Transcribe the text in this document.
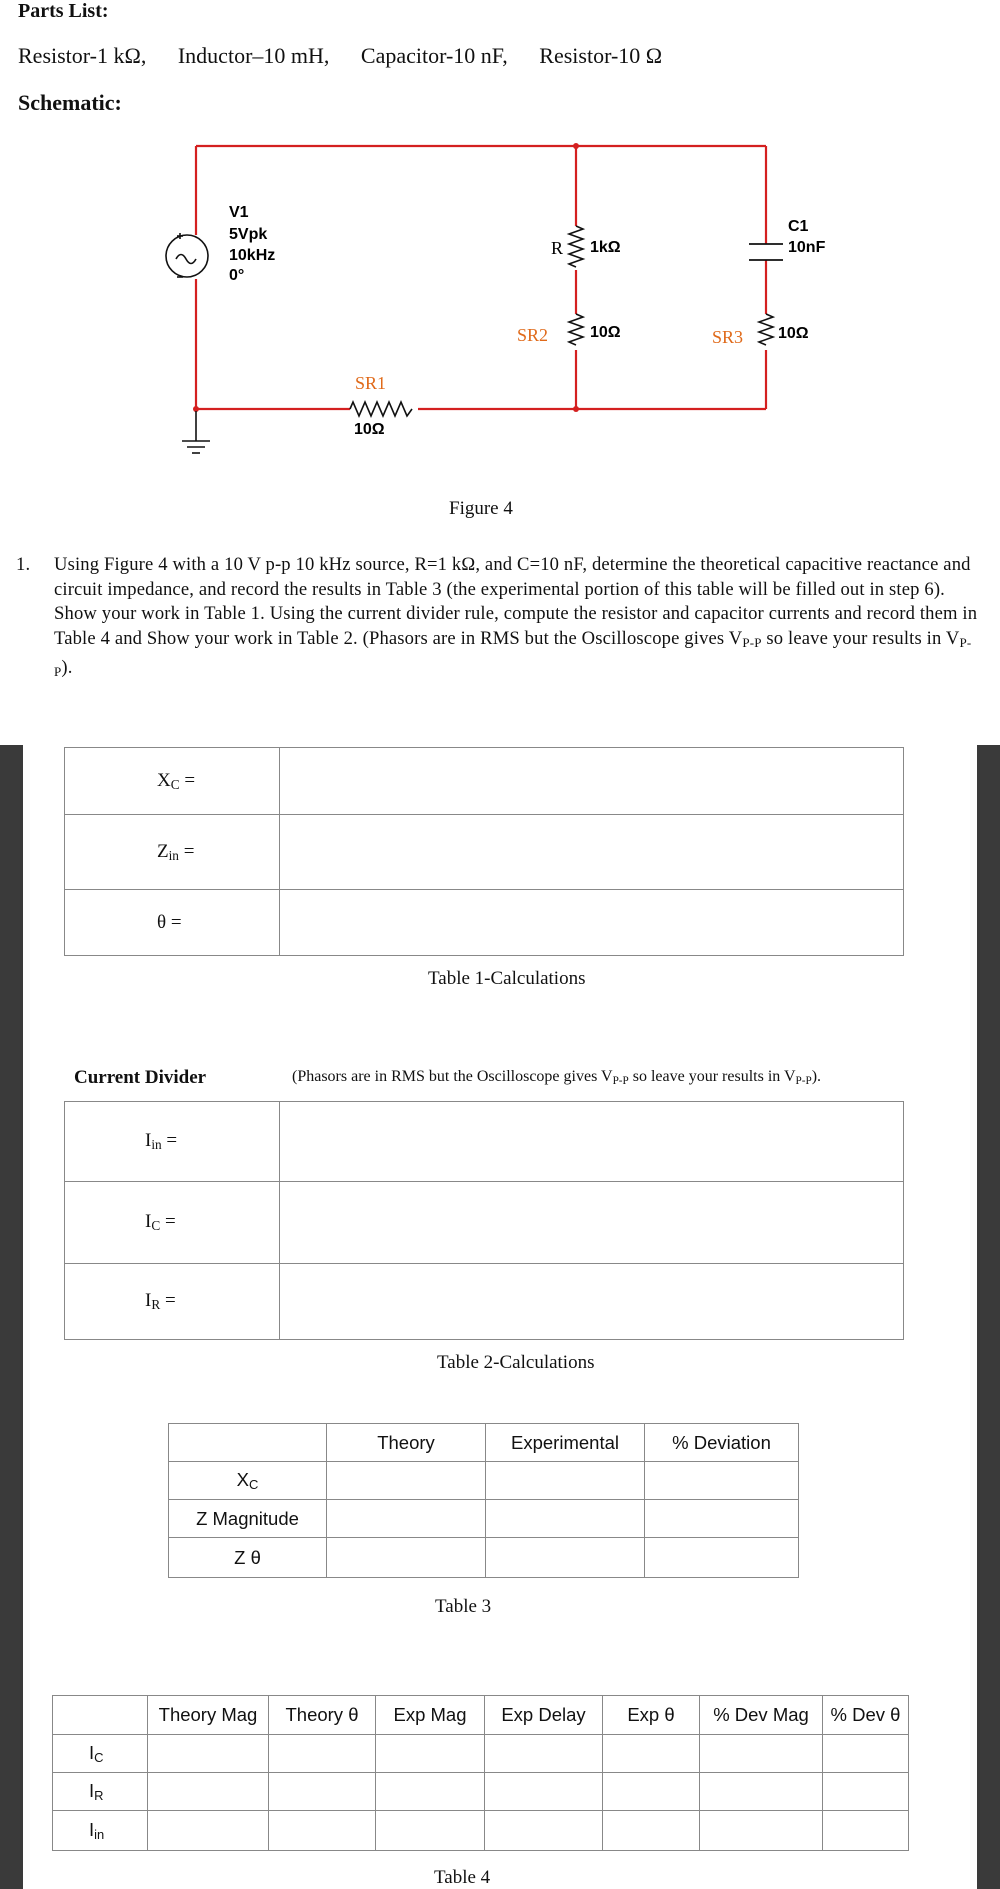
Parts List:
Resistor-1 kΩ, Inductor–10 mH, Capacitor-10 nF, Resistor-10 Ω
Schematic:
V1
5Vpk
10kHz
0°
R 1kΩ
SR2	10Ω
C1
10nF
SR3 10Ω
SR1
10Ω
Figure 4
1. Using Figure 4 with a 10 V p-p 10 kHz source, R=1 kΩ, and C=10 nF, determine the theoretical capacitive reactance and circuit impedance, and record the results in Table 3 (the experimental portion of this table will be filled out in step 6). Show your work in Table 1. Using the current divider rule, compute the resistor and capacitor currents and record them in Table 4 and Show your work in Table 2. (Phasors are in RMS but the Oscilloscope gives $V_{P-P}$ so leave your results in $V_{P-P}$).
$X_C$ =	
$Z_{in}$ =	
θ =	
Table 1-Calculations
Current Divider	(Phasors are in RMS but the Oscilloscope gives $V_{P-P}$ so leave your results in $V_{P-P}$).
$I_{in}$ =	
$I_C$ =	
$I_R$ =	
Table 2-Calculations
	Theory	Experimental	% Deviation
$X_C$			
Z Magnitude			
Z θ			
Table 3
	Theory Mag	Theory θ	Exp Mag	Exp Delay	Exp θ	% Dev Mag	% Dev θ
$I_C$							
$I_R$							
$I_{in}$							
Table 4
